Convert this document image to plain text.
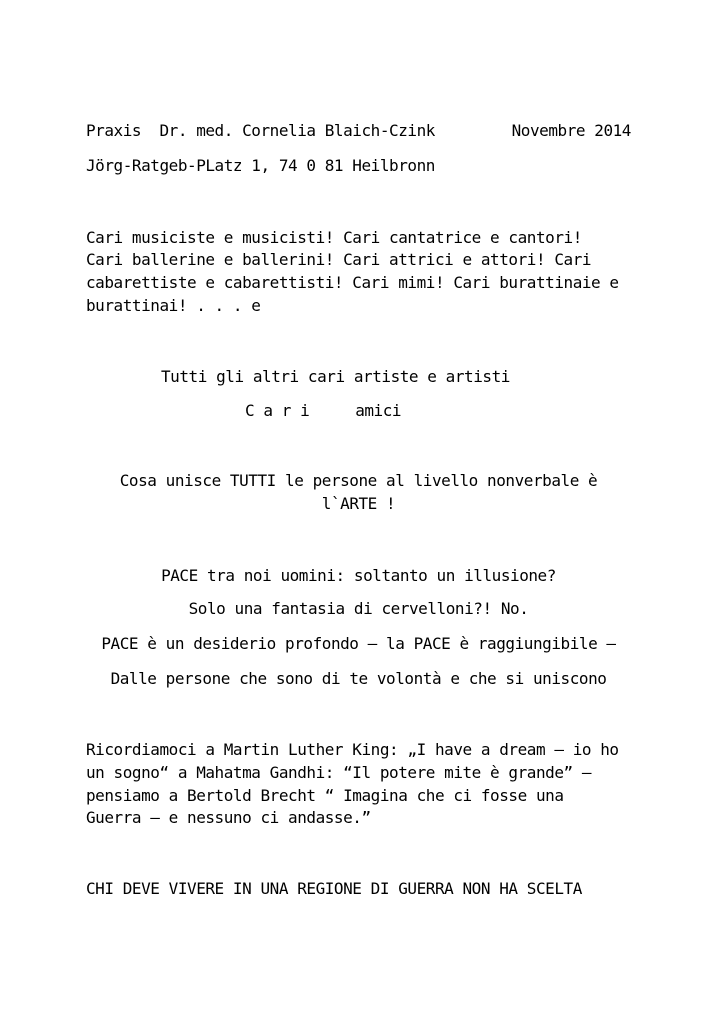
Praxis  Dr. med. Cornelia Blaich-Czink	Novembre 2014
Jörg-Ratgeb-PLatz 1, 74 0 81 Heilbronn
Cari musiciste e musicisti! Cari cantatrice e cantori!
Cari ballerine e ballerini! Cari attrici e attori! Cari
cabarettiste e cabarettisti! Cari mimi! Cari burattinaie e
burattinai! . . . e
Tutti gli altri cari artiste e artisti
C a r i     amici
Cosa unisce TUTTI le persone al livello nonverbale è
l`ARTE !
PACE tra noi uomini: soltanto un illusione?
Solo una fantasia di cervelloni?! No.
PACE è un desiderio profondo – la PACE è raggiungibile –
Dalle persone che sono di te volontà e che si uniscono
Ricordiamoci a Martin Luther King: „I have a dream – io ho
un sogno“ a Mahatma Gandhi: “Il potere mite è grande” –
pensiamo a Bertold Brecht “ Imagina che ci fosse una
Guerra – e nessuno ci andasse.”
CHI DEVE VIVERE IN UNA REGIONE DI GUERRA NON HA SCELTA
